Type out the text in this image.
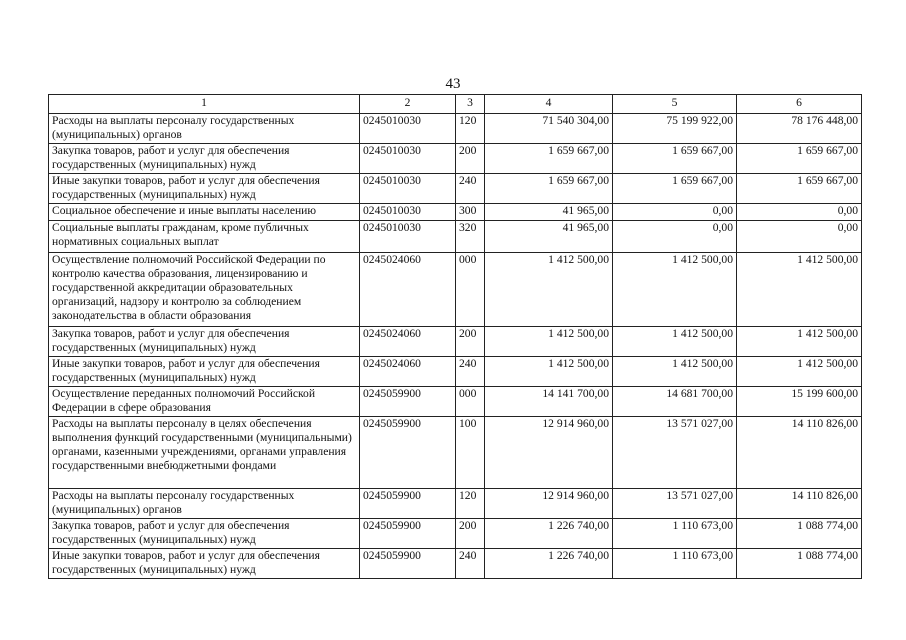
43
1	2	3	4	5	6
Расходы на выплаты персоналу государственных (муниципальных) органов	0245010030	120	71 540 304,00	75 199 922,00	78 176 448,00
Закупка товаров, работ и услуг для обеспечения государственных (муниципальных) нужд	0245010030	200	1 659 667,00	1 659 667,00	1 659 667,00
Иные закупки товаров, работ и услуг для обеспечения государственных (муниципальных) нужд	0245010030	240	1 659 667,00	1 659 667,00	1 659 667,00
Социальное обеспечение и иные выплаты населению	0245010030	300	41 965,00	0,00	0,00
Социальные выплаты гражданам, кроме публичных нормативных социальных выплат	0245010030	320	41 965,00	0,00	0,00
Осуществление полномочий Российской Федерации по контролю качества образования, лицензированию и государственной аккредитации образовательных организаций, надзору и контролю за соблюдением законодательства в области образования	0245024060	000	1 412 500,00	1 412 500,00	1 412 500,00
Закупка товаров, работ и услуг для обеспечения государственных (муниципальных) нужд	0245024060	200	1 412 500,00	1 412 500,00	1 412 500,00
Иные закупки товаров, работ и услуг для обеспечения государственных (муниципальных) нужд	0245024060	240	1 412 500,00	1 412 500,00	1 412 500,00
Осуществление переданных полномочий Российской Федерации в сфере образования	0245059900	000	14 141 700,00	14 681 700,00	15 199 600,00
Расходы на выплаты персоналу в целях обеспечения выполнения функций государственными (муниципальными) органами, казенными учреждениями, органами управления государственными внебюджетными фондами	0245059900	100	12 914 960,00	13 571 027,00	14 110 826,00
Расходы на выплаты персоналу государственных (муниципальных) органов	0245059900	120	12 914 960,00	13 571 027,00	14 110 826,00
Закупка товаров, работ и услуг для обеспечения государственных (муниципальных) нужд	0245059900	200	1 226 740,00	1 110 673,00	1 088 774,00
Иные закупки товаров, работ и услуг для обеспечения государственных (муниципальных) нужд	0245059900	240	1 226 740,00	1 110 673,00	1 088 774,00
